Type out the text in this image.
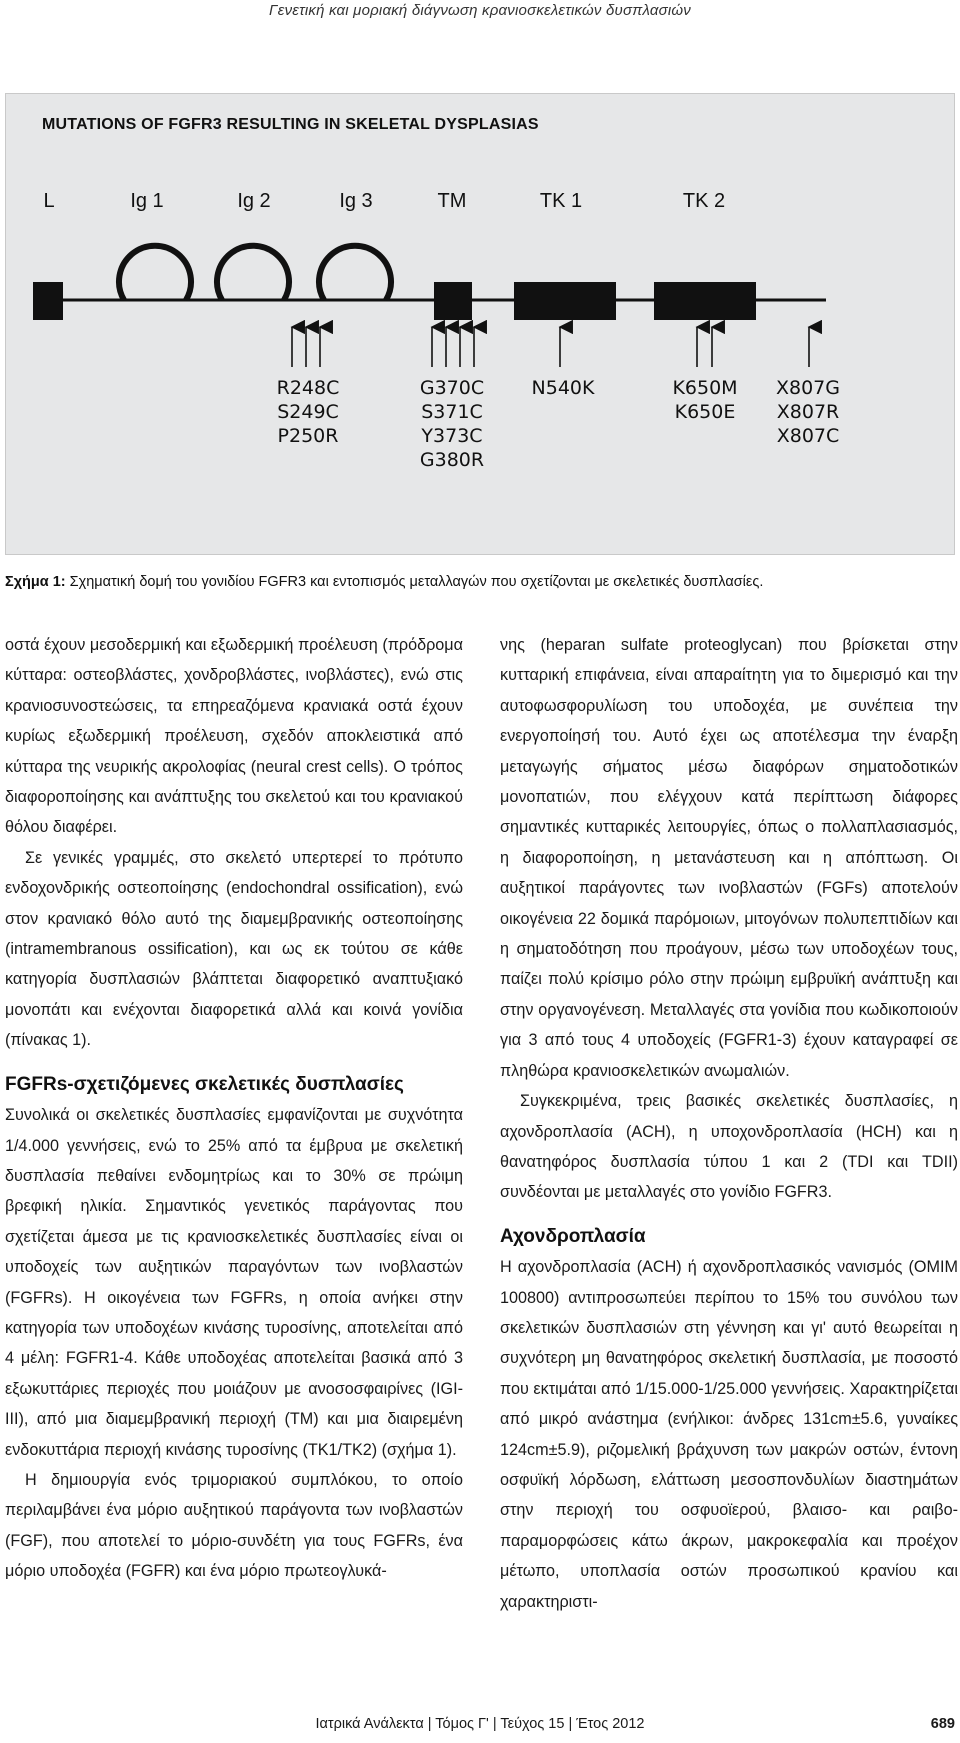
Γενετική και μοριακή διάγνωση κρανιοσκελετικών δυσπλασιών
MUTATIONS OF FGFR3 RESULTING IN SKELETAL DYSPLASIAS
L	Ig 1	Ig 2	Ig 3	TM	TK 1	TK 2
R248C
S249C
P250R
G370C
S371C
Y373C
G380R
N540K	K650M
K650E
X807G
X807R
X807C
Σχήμα 1: Σχηματική δομή του γονιδίου FGFR3 και εντοπισμός μεταλλαγών που σχετίζονται με σκελετικές δυσπλασίες.

οστά έχουν μεσοδερμική και εξωδερμική προέλευση (πρόδρομα κύτταρα: οστεοβλάστες, χονδροβλάστες, ινοβλάστες), ενώ στις κρανιοσυνοστεώσεις, τα επηρεαζόμενα κρανιακά οστά έχουν κυρίως εξωδερμική προέλευση, σχεδόν αποκλειστικά από κύτταρα της νευρικής ακρολοφίας (neural crest cells). Ο τρόπος διαφοροποίησης και ανάπτυξης του σκελετού και του κρανιακού θόλου διαφέρει.

Σε γενικές γραμμές, στο σκελετό υπερτερεί το πρότυπο ενδοχονδρικής οστεοποίησης (endochondral ossification), ενώ στον κρανιακό θόλο αυτό της διαμεμβρανικής οστεοποίησης (intramembranous ossification), και ως εκ τούτου σε κάθε κατηγορία δυσπλασιών βλάπτεται διαφορετικό αναπτυξιακό μονοπάτι και ενέχονται διαφορετικά αλλά και κοινά γονίδια (πίνακας 1).

FGFRs-σχετιζόμενες σκελετικές δυσπλασίες

Συνολικά οι σκελετικές δυσπλασίες εμφανίζονται με συχνότητα 1/4.000 γεννήσεις, ενώ το 25% από τα έμβρυα με σκελετική δυσπλασία πεθαίνει ενδομητρίως και το 30% σε πρώιμη βρεφική ηλικία. Σημαντικός γενετικός παράγοντας που σχετίζεται άμεσα με τις κρανιοσκελετικές δυσπλασίες είναι οι υποδοχείς των αυξητικών παραγόντων των ινοβλαστών (FGFRs). Η οικογένεια των FGFRs, η οποία ανήκει στην κατηγορία των υποδοχέων κινάσης τυροσίνης, αποτελείται από 4 μέλη: FGFR1-4. Κάθε υποδοχέας αποτελείται βασικά από 3 εξωκυττάριες περιοχές που μοιάζουν με ανοσοσφαιρίνες (IGI-III), από μια διαμεμβρανική περιοχή (TM) και μια διαιρεμένη ενδοκυττάρια περιοχή κινάσης τυροσίνης (TK1/TK2) (σχήμα 1).

Η δημιουργία ενός τριμοριακού συμπλόκου, το οποίο περιλαμβάνει ένα μόριο αυξητικού παράγοντα των ινοβλαστών (FGF), που αποτελεί το μόριο-συνδέτη για τους FGFRs, ένα μόριο υποδοχέα (FGFR) και ένα μόριο πρωτεογλυκά-

νης (heparan sulfate proteoglycan) που βρίσκεται στην κυτταρική επιφάνεια, είναι απαραίτητη για το διμερισμό και την αυτοφωσφορυλίωση του υποδοχέα, με συνέπεια την ενεργοποίησή του. Αυτό έχει ως αποτέλεσμα την έναρξη μεταγωγής σήματος μέσω διαφόρων σηματοδοτικών μονοπατιών, που ελέγχουν κατά περίπτωση διάφορες σημαντικές κυτταρικές λειτουργίες, όπως ο πολλαπλασιασμός, η διαφοροποίηση, η μετανάστευση και η απόπτωση. Οι αυξητικοί παράγοντες των ινοβλαστών (FGFs) αποτελούν οικογένεια 22 δομικά παρόμοιων, μιτογόνων πολυπεπτιδίων και η σηματοδότηση που προάγουν, μέσω των υποδοχέων τους, παίζει πολύ κρίσιμο ρόλο στην πρώιμη εμβρυϊκή ανάπτυξη και στην οργανογένεση. Μεταλλαγές στα γονίδια που κωδικοποιούν για 3 από τους 4 υποδοχείς (FGFR1-3) έχουν καταγραφεί σε πληθώρα κρανιοσκελετικών ανωμαλιών.

Συγκεκριμένα, τρεις βασικές σκελετικές δυσπλασίες, η αχονδροπλασία (ACH), η υποχονδροπλασία (HCH) και η θανατηφόρος δυσπλασία τύπου 1 και 2 (TDI και TDII) συνδέονται με μεταλλαγές στο γονίδιο FGFR3.

Αχονδροπλασία

Η αχονδροπλασία (ACH) ή αχονδροπλασικός νανισμός (OMIM 100800) αντιπροσωπεύει περίπου το 15% του συνόλου των σκελετικών δυσπλασιών στη γέννηση και γι' αυτό θεωρείται η συχνότερη μη θανατηφόρος σκελετική δυσπλασία, με ποσοστό που εκτιμάται από 1/15.000-1/25.000 γεννήσεις. Χαρακτηρίζεται από μικρό ανάστημα (ενήλικοι: άνδρες 131cm±5.6, γυναίκες 124cm±5.9), ριζομελική βράχυνση των μακρών οστών, έντονη οσφυϊκή λόρδωση, ελάττωση μεσοσπονδυλίων διαστημάτων στην περιοχή του οσφυοϊερού, βλαισο- και ραιβο- παραμορφώσεις κάτω άκρων, μακροκεφαλία και προέχον μέτωπο, υποπλασία οστών προσωπικού κρανίου και χαρακτηριστι-

Ιατρικά Ανάλεκτα | Τόμος Γ' | Τεύχος 15 | Έτος 2012	689
